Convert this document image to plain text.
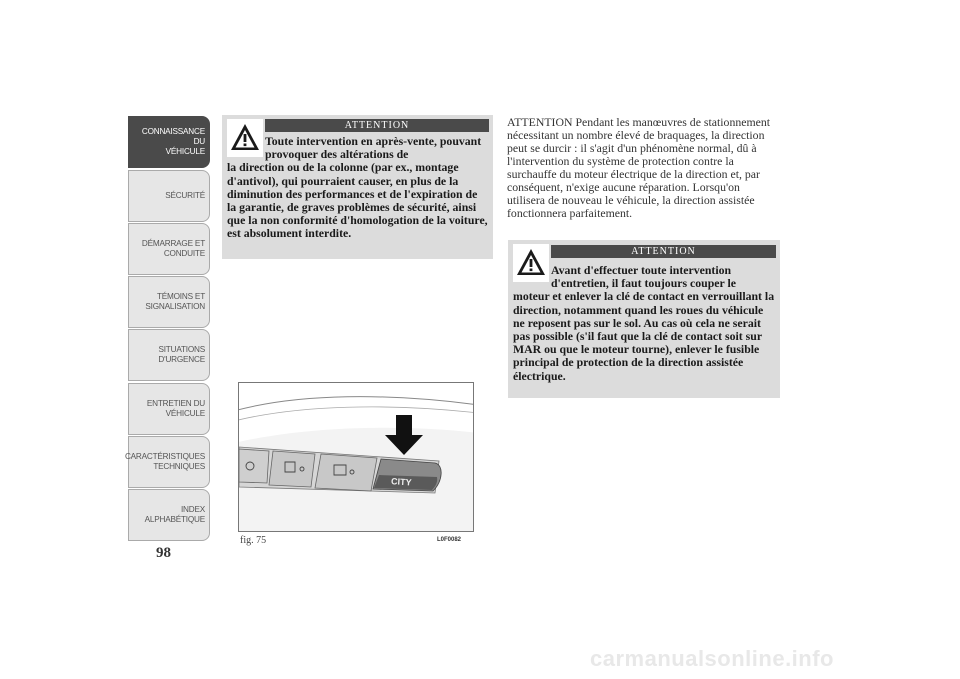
CONNAISSANCE DU
VÉHICULE
SÉCURITÉ
DÉMARRAGE ET
CONDUITE
TÉMOINS ET
SIGNALISATION
SITUATIONS
D'URGENCE
ENTRETIEN DU
VÉHICULE
CARACTÉRISTIQUES
TECHNIQUES
INDEX
ALPHABÉTIQUE
98
ATTENTION
Toute intervention en après-vente, pouvant provoquer des altérations de
la direction ou de la colonne (par ex., montage d'antivol), qui pourraient causer, en plus de la diminution des performances et de l'expiration de la garantie, de graves problèmes de sécurité, ainsi que la non conformité d'homologation de la voiture, est absolument interdite.
ATTENTION Pendant les manœuvres de stationnement nécessitant un nombre élevé de braquages, la direction peut se durcir : il s'agit d'un phénomène normal, dû à l'intervention du système de protection contre la surchauffe du moteur électrique de la direction et, par conséquent, n'exige aucune réparation. Lorsqu'on utilisera de nouveau le véhicule, la direction assistée fonctionnera parfaitement.
ATTENTION
Avant d'effectuer toute intervention d'entretien, il faut toujours couper le
moteur et enlever la clé de contact en verrouillant la direction, notamment quand les roues du véhicule ne reposent pas sur le sol. Au cas où cela ne serait pas possible (s'il faut que la clé de contact soit sur MAR ou que le moteur tourne), enlever le fusible principal de protection de la direction assistée électrique.
CITY
fig. 75	L0F0082
carmanualsonline.info
